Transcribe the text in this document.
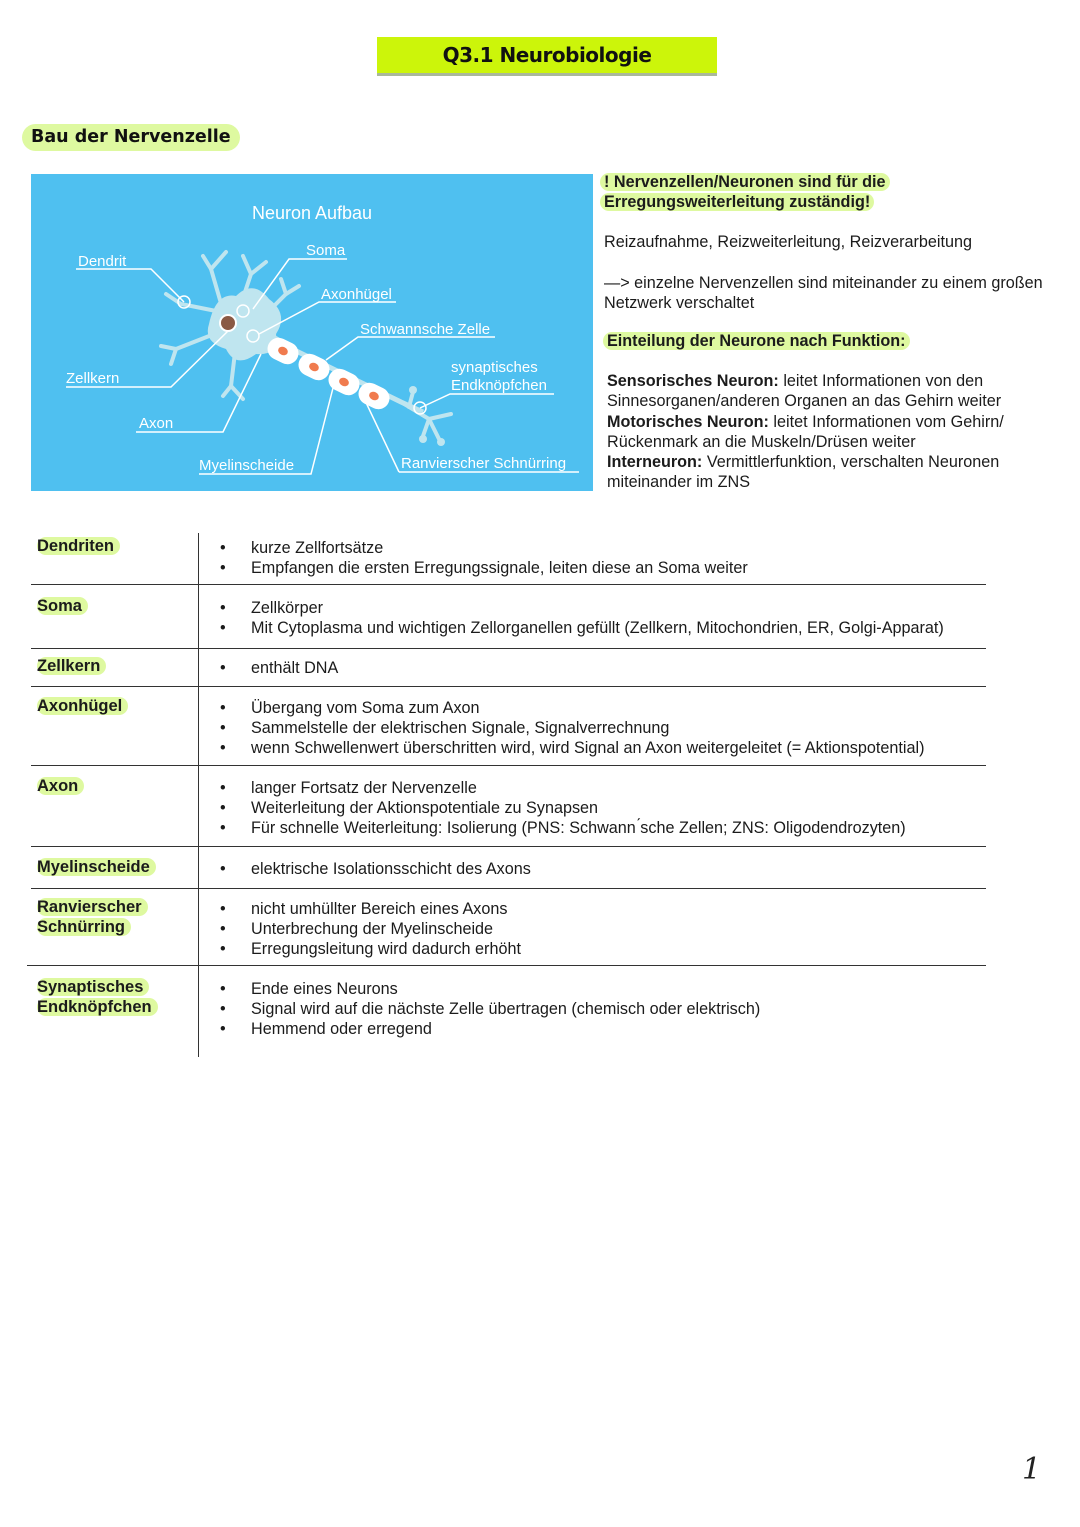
Q3.1 Neurobiologie
Bau der Nervenzelle
Neuron Aufbau
Dendrit
Soma
Axonhügel
Schwannsche Zelle
synaptisches
Endknöpfchen
Zellkern
Axon
Myelinscheide	Ranvierscher Schnürring

! Nervenzellen/Neuronen sind für die

Erregungsweiterleitung zuständig!

Reizaufnahme, Reizweiterleitung, Reizverarbeitung

—> einzelne Nervenzellen sind miteinander zu einem großen

Netzwerk verschaltet

Einteilung der Neurone nach Funktion:

Sensorisches Neuron: leitet Informationen von den

Sinnesorganen/anderen Organen an das Gehirn weiter

Motorisches Neuron: leitet Informationen vom Gehirn/

Rückenmark an die Muskeln/Drüsen weiter

Interneuron: Vermittlerfunktion, verschalten Neuronen

miteinander im ZNS

Dendriten	• kurze Zellfortsätze
• Empfangen die ersten Erregungssignale, leiten diese an Soma weiter
Soma	• Zellkörper
• Mit Cytoplasma und wichtigen Zellorganellen gefüllt (Zellkern, Mitochondrien, ER, Golgi-Apparat)
Zellkern	• enthält DNA
Axonhügel	• Übergang vom Soma zum Axon
• Sammelstelle der elektrischen Signale, Signalverrechnung
• wenn Schwellenwert überschritten wird, wird Signal an Axon weitergeleitet (= Aktionspotential)
Axon	• langer Fortsatz der Nervenzelle
• Weiterleitung der Aktionspotentiale zu Synapsen
• Für schnelle Weiterleitung: Isolierung (PNS: Schwann ́sche Zellen; ZNS: Oligodendrozyten)
Myelinscheide	• elektrische Isolationsschicht des Axons
Ranvierscher
Schnürring
• nicht umhüllter Bereich eines Axons
• Unterbrechung der Myelinscheide
• Erregungsleitung wird dadurch erhöht
Synaptisches
Endknöpfchen
• Ende eines Neurons
• Signal wird auf die nächste Zelle übertragen (chemisch oder elektrisch)
• Hemmend oder erregend
1
